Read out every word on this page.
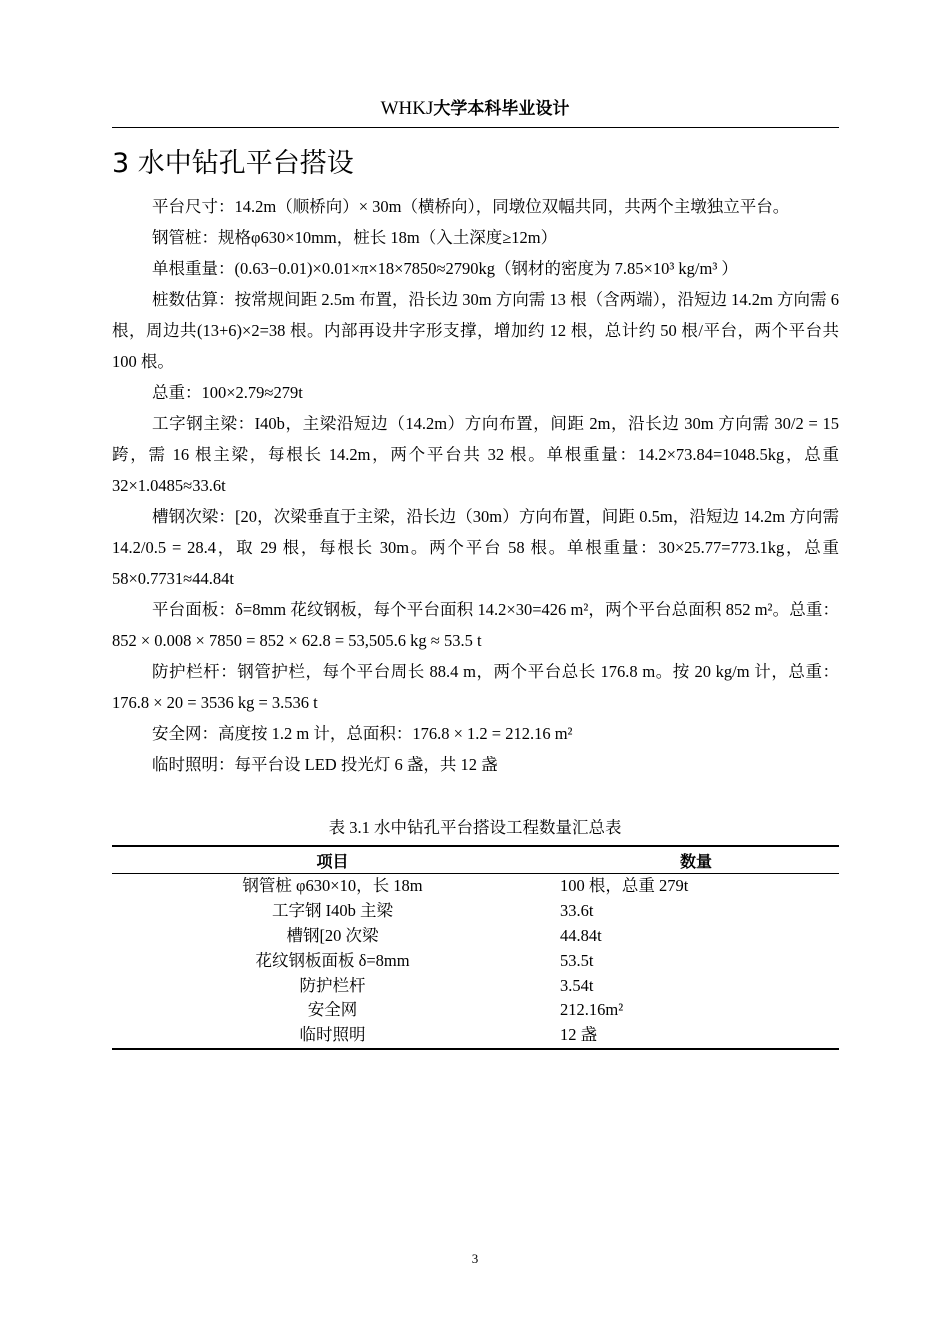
WHKJ大学本科毕业设计
3 水中钻孔平台搭设

平台尺寸：14.2m（顺桥向）× 30m（横桥向），同墩位双幅共同，共两个主墩独立平台。

钢管桩：规格φ630×10mm，桩长 18m（入土深度≥12m）

单根重量：(0.63−0.01)×0.01×π×18×7850≈2790kg（钢材的密度为 7.85×10³ kg/m³ ）

桩数估算：按常规间距 2.5m 布置，沿长边 30m 方向需 13 根（含两端），沿短边 14.2m 方向需 6 根，周边共(13+6)×2=38 根。内部再设井字形支撑，增加约 12 根，总计约 50 根/平台，两个平台共 100 根。

总重：100×2.79≈279t

工字钢主梁：I40b，主梁沿短边（14.2m）方向布置，间距 2m，沿长边 30m 方向需 30/2 = 15 跨，需 16 根主梁，每根长 14.2m，两个平台共 32 根。单根重量：14.2×73.84=1048.5kg，总重 32×1.0485≈33.6t

槽钢次梁：[20，次梁垂直于主梁，沿长边（30m）方向布置，间距 0.5m，沿短边 14.2m 方向需 14.2/0.5 = 28.4，取 29 根，每根长 30m。两个平台 58 根。单根重量：30×25.77=773.1kg，总重 58×0.7731≈44.84t

平台面板：δ=8mm 花纹钢板，每个平台面积 14.2×30=426 m²，两个平台总面积 852 m²。总重：852 × 0.008 × 7850 = 852 × 62.8 = 53,505.6 kg ≈ 53.5 t

防护栏杆：钢管护栏，每个平台周长 88.4 m，两个平台总长 176.8 m。按 20 kg/m 计，总重：176.8 × 20 = 3536 kg = 3.536 t

安全网：高度按 1.2 m 计，总面积：176.8 × 1.2 = 212.16 m²

临时照明：每平台设 LED 投光灯 6 盏，共 12 盏

表 3.1 水中钻孔平台搭设工程数量汇总表
项目	数量
钢管桩 φ630×10，长 18m	100 根，总重 279t
工字钢 I40b 主梁	33.6t
槽钢[20 次梁	44.84t
花纹钢板面板 δ=8mm	53.5t
防护栏杆	3.54t
安全网	212.16m²
临时照明	12 盏
3
